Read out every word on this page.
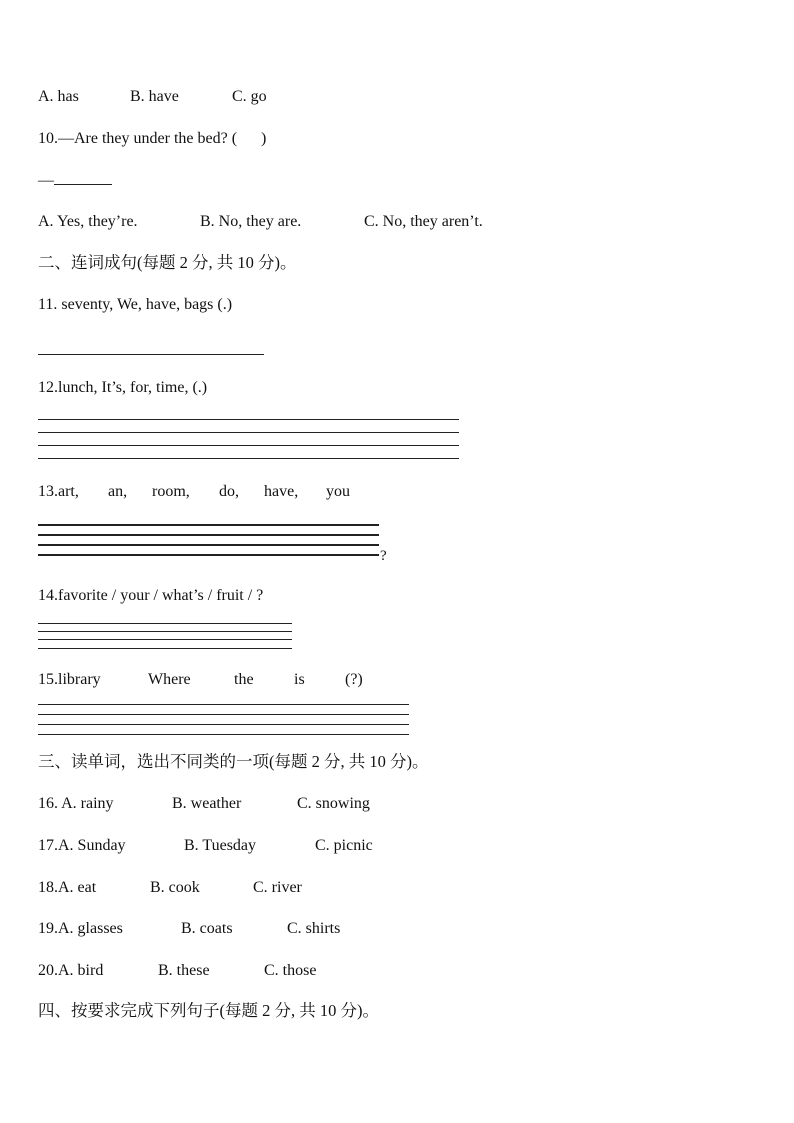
A. has	B. have	C. go
10.—Are they under the bed? (      )
—
A. Yes, they’re.	B. No, they are.	C. No, they aren’t.
二、连词成句(每题 2 分, 共 10 分)。
11. seventy, We, have, bags (.)
12.lunch, It’s, for, time, (.)
13.art, an, room, do, have, you
?
14.favorite / your / what’s / fruit / ?
15.library	Where	the	is	(?)
三、读单词，选出不同类的一项(每题 2 分, 共 10 分)。
16. A. rainy	B. weather	C. snowing
17.A. Sunday	B. Tuesday	C. picnic
18.A. eat	B. cook	C. river
19.A. glasses	B. coats	C. shirts
20.A. bird	B. these	C. those
四、按要求完成下列句子(每题 2 分, 共 10 分)。
